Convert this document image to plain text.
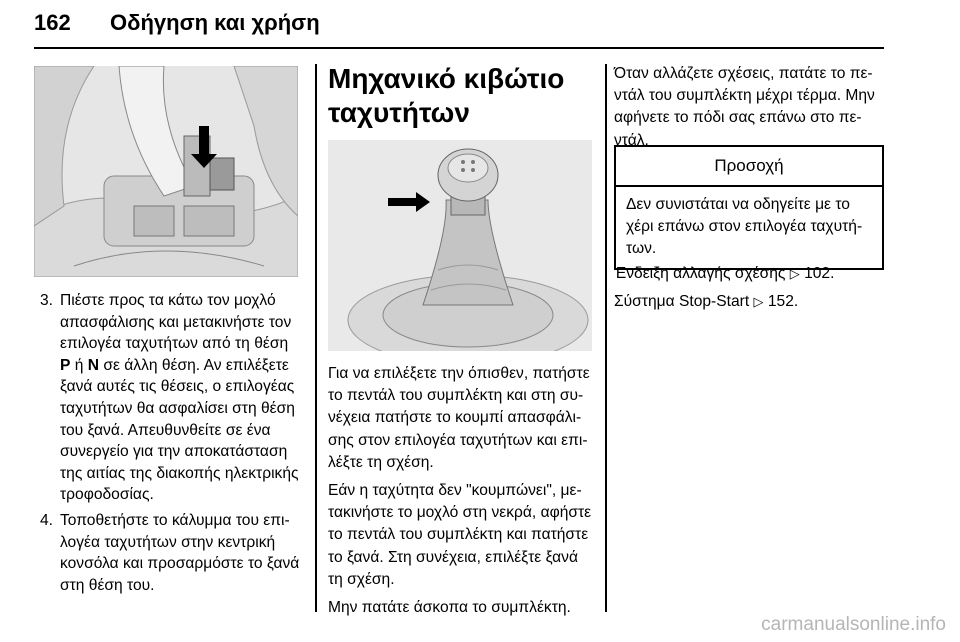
162 Οδήγηση και χρήση
3. Πιέστε προς τα κάτω τον μοχλό απασφάλισης και μετακινήστε τον επιλογέα ταχυτήτων από τη θέση P ή N σε άλλη θέση. Αν επιλέξετε ξανά αυτές τις θέσεις, ο επιλογέας ταχυτήτων θα ασφαλίσει στη θέση του ξανά. Απευθυνθείτε σε ένα συνεργείο για την αποκατάσταση της αιτίας της διακοπής ηλεκτρικής τροφοδοσίας.
4. Τοποθετήστε το κάλυμμα του επιλογέα ταχυτήτων στην κεντρική κονσόλα και προσαρμόστε το ξανά στη θέση του.
Μηχανικό κιβώτιο ταχυτήτων

Για να επιλέξετε την όπισθεν, πατήστε το πεντάλ του συμπλέκτη και στη συνέχεια πατήστε το κουμπί απασφάλισης στον επιλογέα ταχυτήτων και επιλέξτε τη σχέση.

Εάν η ταχύτητα δεν "κουμπώνει", μετακινήστε το μοχλό στη νεκρά, αφήστε το πεντάλ του συμπλέκτη και πατήστε το ξανά. Στη συνέχεια, επιλέξτε ξανά τη σχέση.

Μην πατάτε άσκοπα το συμπλέκτη.

Όταν αλλάζετε σχέσεις, πατάτε το πεντάλ του συμπλέκτη μέχρι τέρμα. Μην αφήνετε το πόδι σας επάνω στο πεντάλ.

Προσοχή
Δεν συνιστάται να οδηγείτε με το χέρι επάνω στον επιλογέα ταχυτήτων.

Ένδειξη αλλαγής σχέσης ▷ 102.

Σύστημα Stop-Start ▷ 152.

carmanualsonline.info
